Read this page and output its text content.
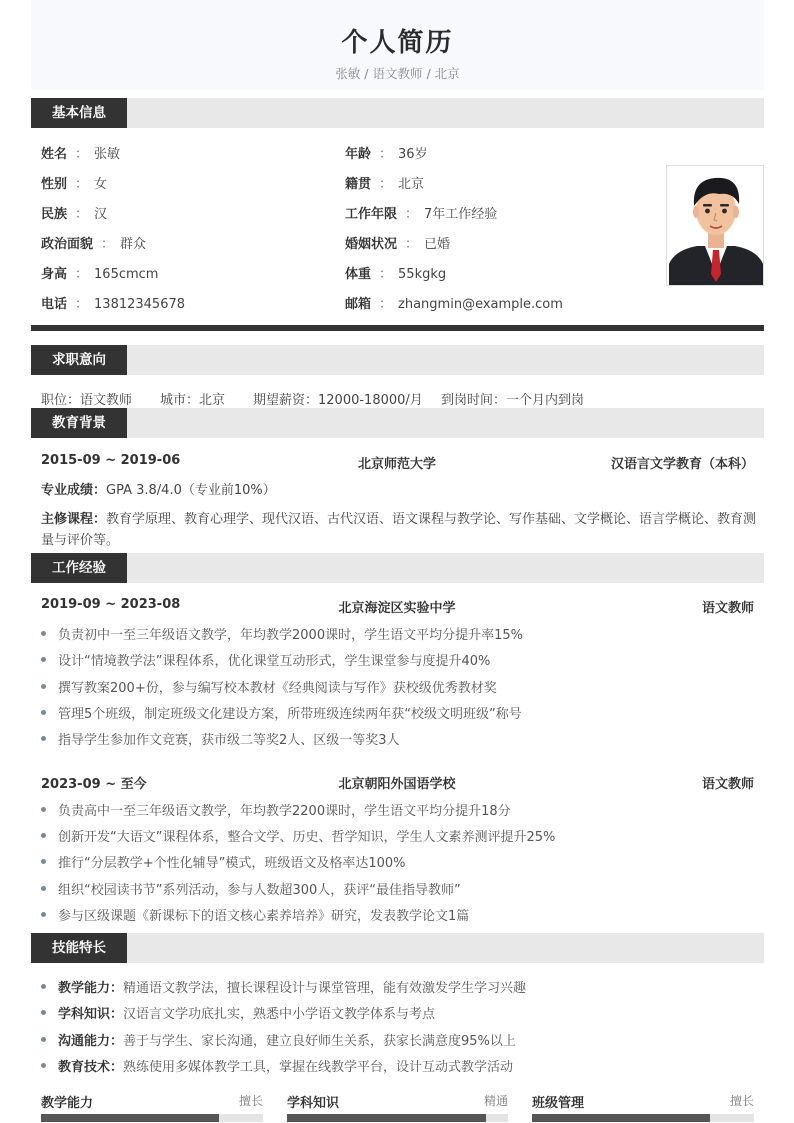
个人简历
张敏 / 语文教师 / 北京
基本信息
姓名 ： 张敏
性别 ： 女
民族 ： 汉
政治面貌 ： 群众
身高 ： 165cmcm
电话 ： 13812345678
年龄 ： 36岁
籍贯 ： 北京
工作年限 ： 7年工作经验
婚姻状况 ： 已婚
体重 ： 55kgkg
邮箱 ： zhangmin@example.com
求职意向
职位：语文教师 城市：北京 期望薪资：12000-18000/月 到岗时间：一个月内到岗
教育背景
2015-09 ~ 2019-06	北京师范大学	汉语言文学教育（本科）
专业成绩：GPA 3.8/4.0（专业前10%）
主修课程：教育学原理、教育心理学、现代汉语、古代汉语、语文课程与教学论、写作基础、文学概论、语言学概论、教育测
量与评价等。
工作经验
2019-09 ~ 2023-08	北京海淀区实验中学	语文教师
负责初中一至三年级语文教学，年均教学2000课时，学生语文平均分提升率15%
设计“情境教学法”课程体系，优化课堂互动形式，学生课堂参与度提升40%
撰写教案200+份，参与编写校本教材《经典阅读与写作》获校级优秀教材奖
管理5个班级，制定班级文化建设方案，所带班级连续两年获“校级文明班级”称号
指导学生参加作文竞赛，获市级二等奖2人、区级一等奖3人
2023-09 ~ 至今	北京朝阳外国语学校	语文教师
负责高中一至三年级语文教学，年均教学2200课时，学生语文平均分提升18分
创新开发“大语文”课程体系，整合文学、历史、哲学知识，学生人文素养测评提升25%
推行“分层教学+个性化辅导”模式，班级语文及格率达100%
组织“校园读书节”系列活动，参与人数超300人，获评“最佳指导教师”
参与区级课题《新课标下的语文核心素养培养》研究，发表教学论文1篇
技能特长
教学能力：精通语文教学法，擅长课程设计与课堂管理，能有效激发学生学习兴趣
学科知识：汉语言文学功底扎实，熟悉中小学语文教学体系与考点
沟通能力：善于与学生、家长沟通，建立良好师生关系，获家长满意度95%以上
教育技术：熟练使用多媒体教学工具，掌握在线教学平台，设计互动式教学活动
教学能力	擅长 学科知识	精通 班级管理	擅长
